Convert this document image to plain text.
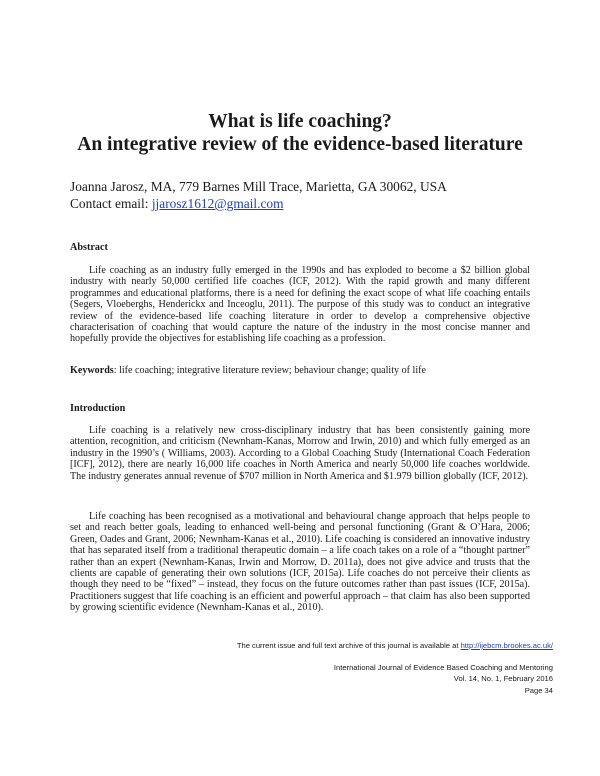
What is life coaching?
An integrative review of the evidence-based literature
Joanna Jarosz, MA, 779 Barnes Mill Trace, Marietta, GA 30062, USA
Contact email: jjarosz1612@gmail.com
Abstract

Life coaching as an industry fully emerged in the 1990s and has exploded to become a $2 billion global industry with nearly 50,000 certified life coaches (ICF, 2012). With the rapid growth and many different programmes and educational platforms, there is a need for defining the exact scope of what life coaching entails (Segers, Vloeberghs, Henderickx and Inceoglu, 2011). The purpose of this study was to conduct an integrative review of the evidence-based life coaching literature in order to develop a comprehensive objective characterisation of coaching that would capture the nature of the industry in the most concise manner and hopefully provide the objectives for establishing life coaching as a profession.

Keywords: life coaching; integrative literature review; behaviour change; quality of life
Introduction

Life coaching is a relatively new cross-disciplinary industry that has been consistently gaining more attention, recognition, and criticism (Newnham-Kanas, Morrow and Irwin, 2010) and which fully emerged as an industry in the 1990’s ( Williams, 2003). According to a Global Coaching Study (International Coach Federation [ICF], 2012), there are nearly 16,000 life coaches in North America and nearly 50,000 life coaches worldwide. The industry generates annual revenue of $707 million in North America and $1.979 billion globally (ICF, 2012).

Life coaching has been recognised as a motivational and behavioural change approach that helps people to set and reach better goals, leading to enhanced well-being and personal functioning (Grant & O’Hara, 2006; Green, Oades and Grant, 2006; Newnham-Kanas et al., 2010). Life coaching is considered an innovative industry that has separated itself from a traditional therapeutic domain – a life coach takes on a role of a “thought partner” rather than an expert (Newnham-Kanas, Irwin and Morrow, D. 2011a), does not give advice and trusts that the clients are capable of generating their own solutions (ICF, 2015a). Life coaches do not perceive their clients as though they need to be “fixed” – instead, they focus on the future outcomes rather than past issues (ICF, 2015a). Practitioners suggest that life coaching is an efficient and powerful approach – that claim has also been supported by growing scientific evidence (Newnham-Kanas et al., 2010).

The current issue and full text archive of this journal is available at http://ijebcm.brookes.ac.uk/
International Journal of Evidence Based Coaching and Mentoring
Vol. 14, No. 1, February 2016
Page 34
